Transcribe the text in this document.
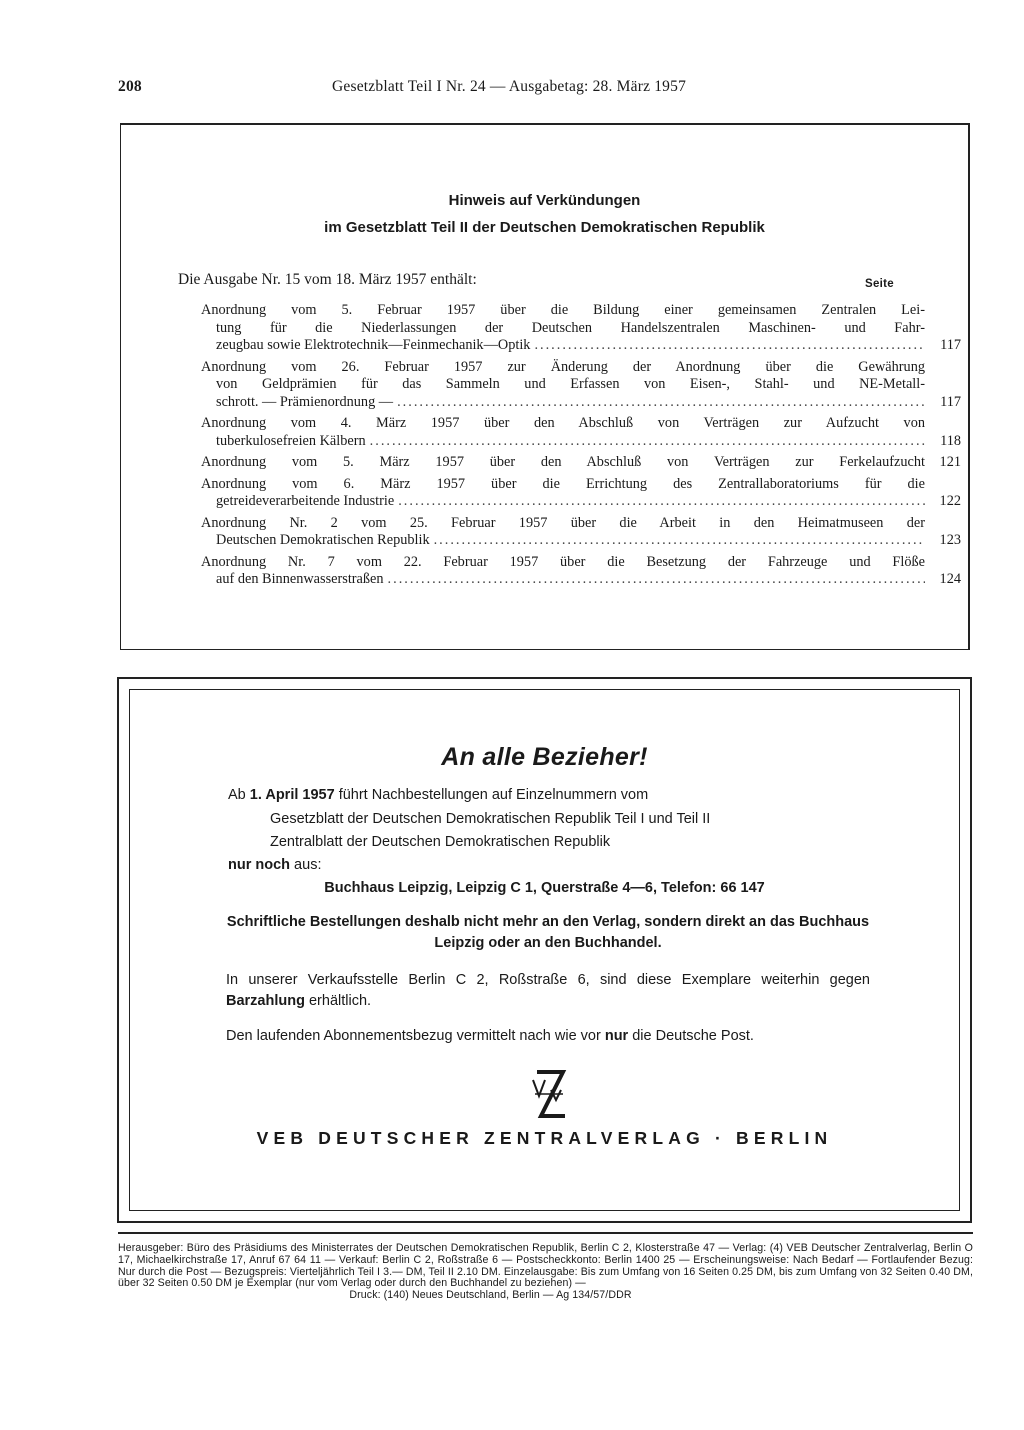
208	Gesetzblatt Teil I Nr. 24 — Ausgabetag: 28. März 1957
Hinweis auf Verkündungen
im Gesetzblatt Teil II der Deutschen Demokratischen Republik
Die Ausgabe Nr. 15 vom 18. März 1957 enthält:	Seite
Anordnung vom 5. Februar 1957 über die Bildung einer gemeinsamen Zentralen Lei-
tung für die Niederlassungen der Deutschen Handelszentralen Maschinen- und Fahr-
zeugbau sowie Elektrotechnik—Feinmechanik—Optik .....	117
Anordnung vom 26. Februar 1957 zur Änderung der Anordnung über die Gewährung
von Geldprämien für das Sammeln und Erfassen von Eisen-, Stahl- und NE-Metall-
schrott. — Prämienordnung — .....	117
Anordnung vom 4. März 1957 über den Abschluß von Verträgen zur Aufzucht von
tuberkulosefreien Kälbern .....	118
Anordnung vom 5. März 1957 über den Abschluß von Verträgen zur Ferkelaufzucht	121
Anordnung vom 6. März 1957 über die Errichtung des Zentrallaboratoriums für die
getreideverarbeitende Industrie .....	122
Anordnung Nr. 2 vom 25. Februar 1957 über die Arbeit in den Heimatmuseen der
Deutschen Demokratischen Republik .....	123
Anordnung Nr. 7 vom 22. Februar 1957 über die Besetzung der Fahrzeuge und Flöße
auf den Binnenwasserstraßen .....	124
An alle Bezieher!
Ab 1. April 1957 führt Nachbestellungen auf Einzelnummern vom
Gesetzblatt der Deutschen Demokratischen Republik Teil I und Teil II
Zentralblatt der Deutschen Demokratischen Republik
nur noch aus:
Buchhaus Leipzig, Leipzig C 1, Querstraße 4—6, Telefon: 66 147
Schriftliche Bestellungen deshalb nicht mehr an den Verlag, sondern direkt an das Buchhaus Leipzig oder an den Buchhandel.
In unserer Verkaufsstelle Berlin C 2, Roßstraße 6, sind diese Exemplare weiterhin gegen Barzahlung erhältlich.
Den laufenden Abonnementsbezug vermittelt nach wie vor nur die Deutsche Post.
VEB DEUTSCHER ZENTRALVERLAG · BERLIN
Herausgeber: Büro des Präsidiums des Ministerrates der Deutschen Demokratischen Republik, Berlin C 2, Klosterstraße 47 — Verlag: (4) VEB Deutscher Zentralverlag, Berlin O 17, Michaelkirchstraße 17, Anruf 67 64 11 — Verkauf: Berlin C 2, Roßstraße 6 — Postscheckkonto: Berlin 1400 25 — Erscheinungsweise: Nach Bedarf — Fortlaufender Bezug: Nur durch die Post — Bezugspreis: Vierteljährlich Teil I 3.— DM, Teil II 2.10 DM. Einzelausgabe: Bis zum Umfang von 16 Seiten 0.25 DM, bis zum Umfang von 32 Seiten 0.40 DM, über 32 Seiten 0.50 DM je Exemplar (nur vom Verlag oder durch den Buchhandel zu beziehen) —
Druck: (140) Neues Deutschland, Berlin — Ag 134/57/DDR
